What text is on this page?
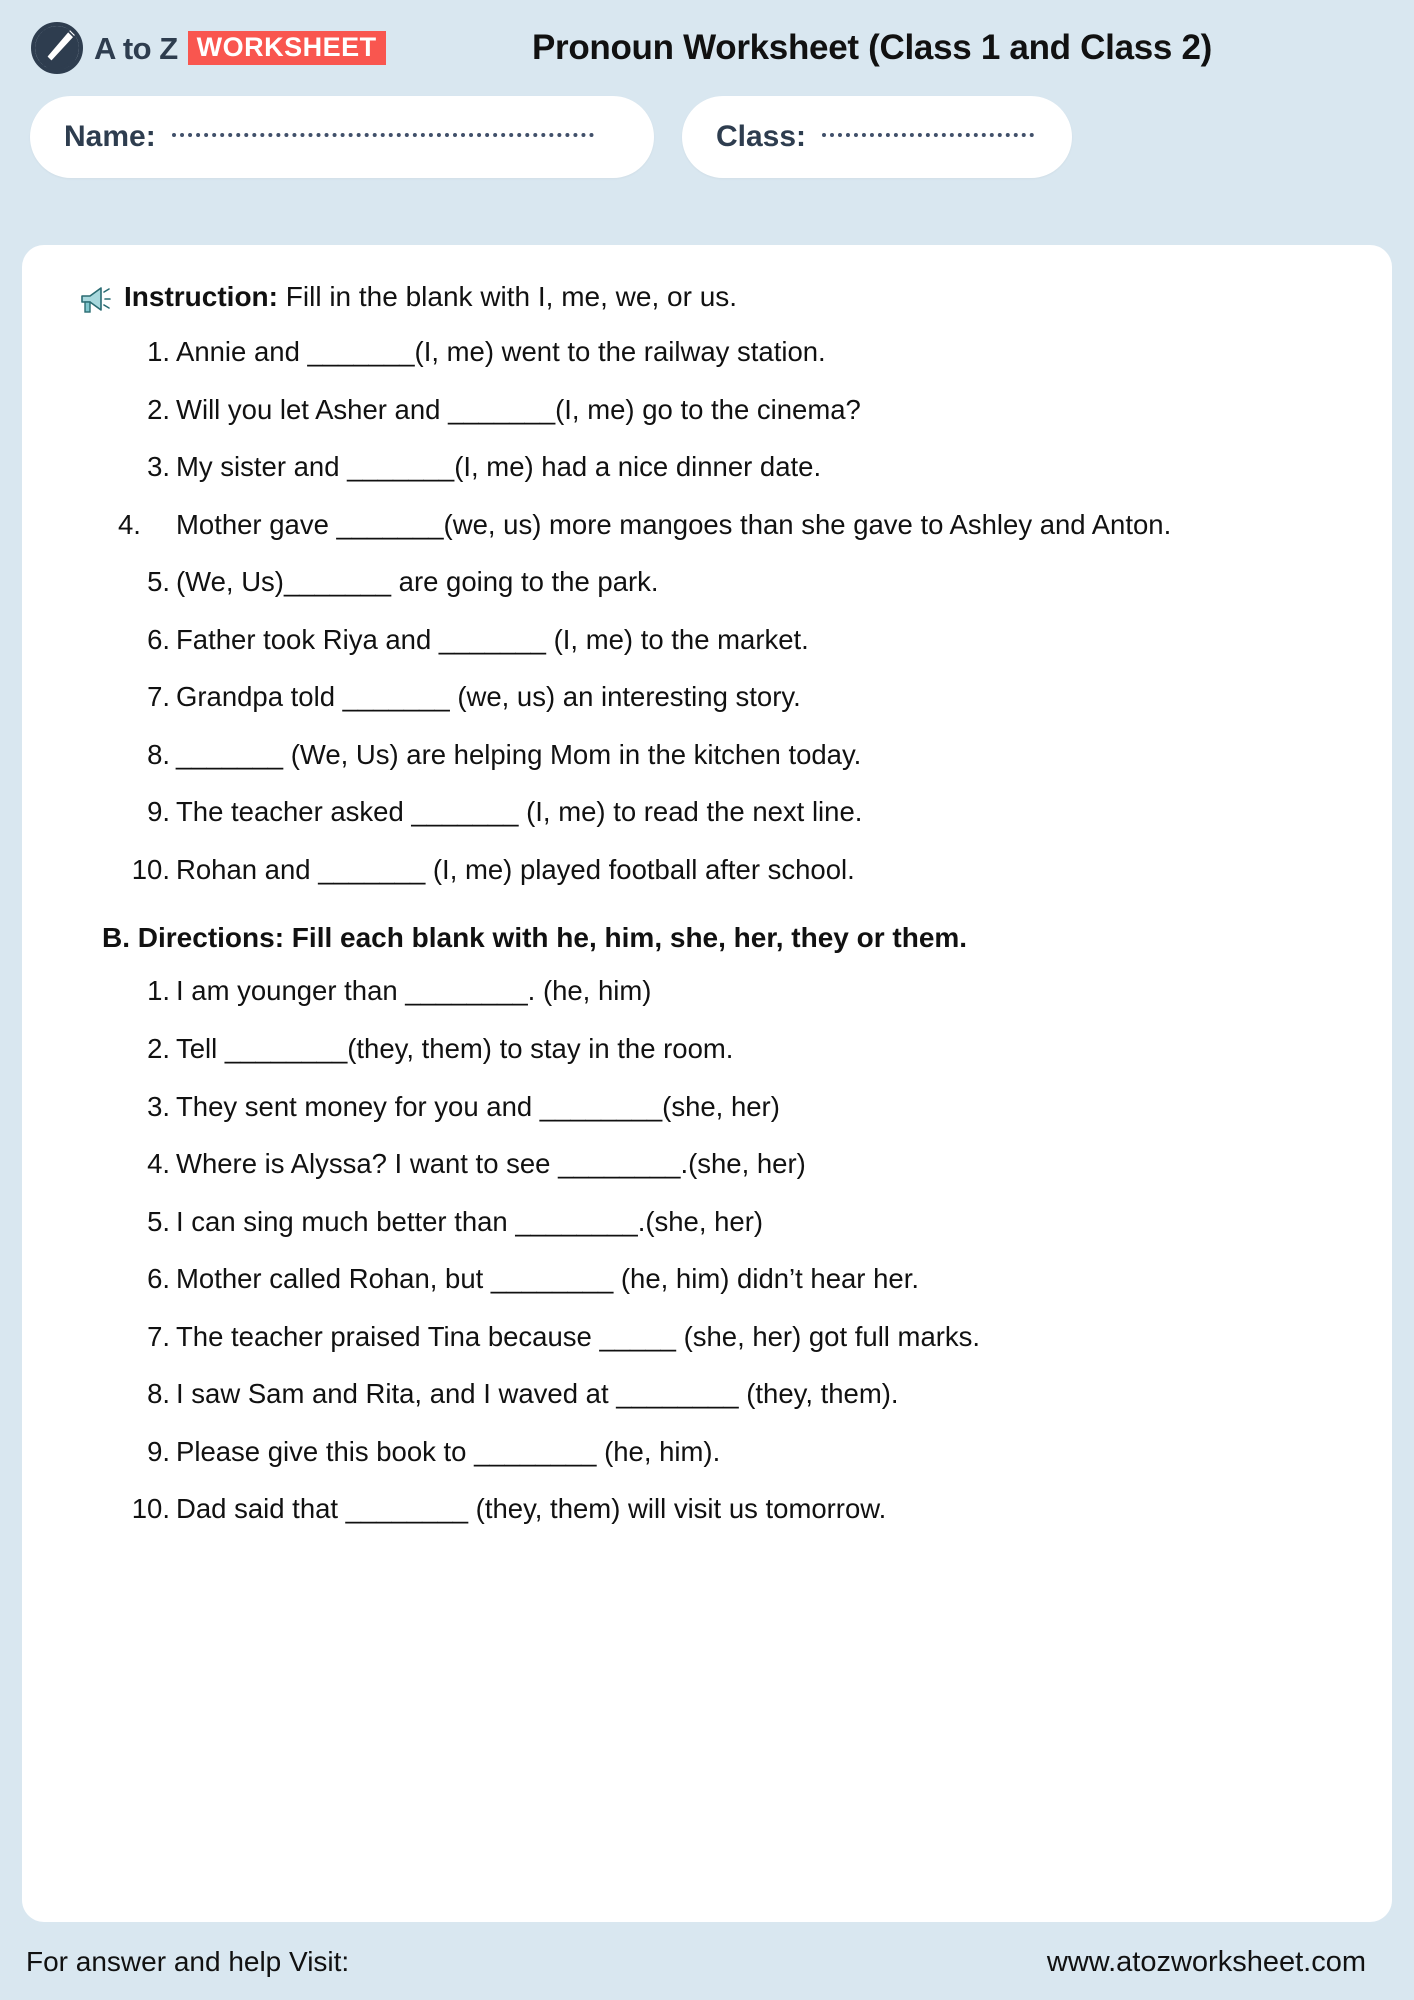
A to Z WORKSHEET	Pronoun Worksheet (Class 1 and Class 2)
Name:	Class:
Instruction: Fill in the blank with I, me, we, or us.
Annie and _______(I, me) went to the railway station.
Will you let Asher and _______(I, me) go to the cinema?
My sister and _______(I, me) had a nice dinner date.
Mother gave _______(we, us) more mangoes than she gave to Ashley and Anton.
(We, Us)_______ are going to the park.
Father took Riya and _______ (I, me) to the market.
Grandpa told _______ (we, us) an interesting story.
_______ (We, Us) are helping Mom in the kitchen today.
The teacher asked _______ (I, me) to read the next line.
Rohan and _______ (I, me) played football after school.
B. Directions: Fill each blank with he, him, she, her, they or them.
I am younger than ________. (he, him)
Tell ________(they, them) to stay in the room.
They sent money for you and ________(she, her)
Where is Alyssa? I want to see ________.(she, her)
I can sing much better than ________.(she, her)
Mother called Rohan, but ________ (he, him) didn’t hear her.
The teacher praised Tina because _____ (she, her) got full marks.
I saw Sam and Rita, and I waved at ________ (they, them).
Please give this book to ________ (he, him).
Dad said that ________ (they, them) will visit us tomorrow.
For answer and help Visit:	www.atozworksheet.com
